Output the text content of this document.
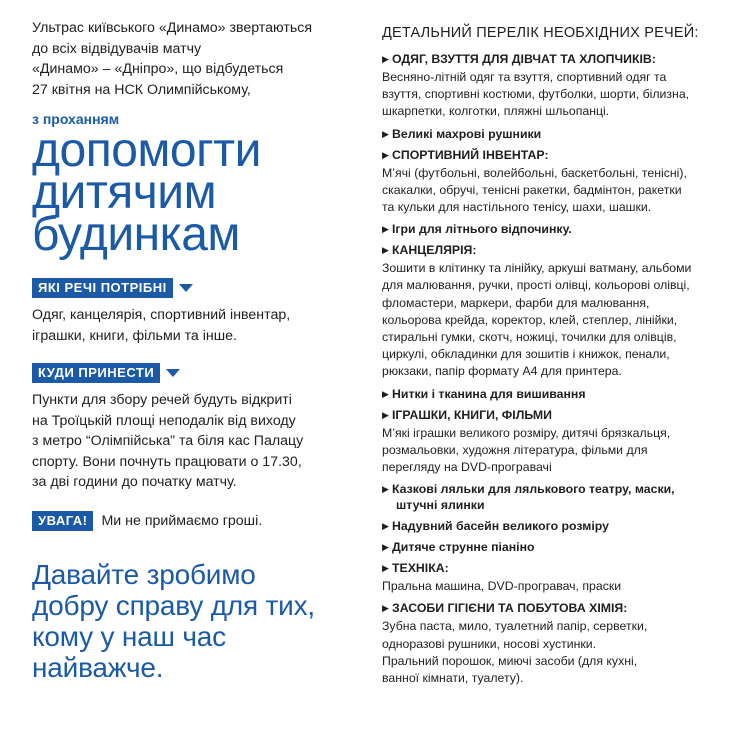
Ультрас київського «Динамо» звертаються
до всіх відвідувачів матчу
«Динамо» – «Дніпро», що відбудеться
27 квітня на НСК Олимпійському,
з проханням
допомогти
дитячим
будинкам
ЯКІ РЕЧІ ПОТРІБНІ
Одяг, канцелярія, спортивний інвентар,
іграшки, книги, фільми та інше.
КУДИ ПРИНЕСТИ
Пункти для збору речей будуть відкриті
на Троїцькій площі неподалік від виходу
з метро “Олімпійська” та біля кас Палацу
спорту. Вони почнуть працювати о 17.30,
за дві години до початку матчу.
УВАГА! Ми не приймаємо гроші.
Давайте зробимо
добру справу для тих,
кому у наш час
найважче.
ДЕТАЛЬНИЙ ПЕРЕЛІК НЕОБХІДНИХ РЕЧЕЙ:
▶ ОДЯГ, ВЗУТТЯ ДЛЯ ДІВЧАТ ТА ХЛОПЧИКІВ:
Весняно-літній одяг та взуття, спортивний одяг та
взуття, спортивні костюми, футболки, шорти, білизна,
шкарпетки, колготки, пляжні шльопанці.
▶ Великі махрові рушники
▶ СПОРТИВНИЙ ІНВЕНТАР:
М’ячі (футбольні, волейбольні, баскетбольні, тенісні),
скакалки, обручі, тенісні ракетки, бадмінтон, ракетки
та кульки для настільного тенісу, шахи, шашки.
▶ Ігри для літнього відпочинку.
▶ КАНЦЕЛЯРІЯ:
Зошити в клітинку та лінійку, аркуші ватману, альбоми
для малювання, ручки, прості олівці, кольорові олівці,
фломастери, маркери, фарби для малювання,
кольорова крейда, коректор, клей, степлер, лінійки,
стиральні гумки, скотч, ножиці, точилки для олівців,
циркулі, обкладинки для зошитів і книжок, пенали,
рюкзаки, папір формату А4 для принтера.
▶ Нитки і тканина для вишивання
▶ ІГРАШКИ, КНИГИ, ФІЛЬМИ
М’які іграшки великого розміру, дитячі брязкальця,
розмальовки, художня література, фільми для
перегляду на DVD-програвачі
▶ Казкові ляльки для лялькового театру, маски,
штучні ялинки
▶ Надувний басейн великого розміру
▶ Дитяче струнне піаніно
▶ ТЕХНІКА:
Пральна машина, DVD-програвач, праски
▶ ЗАСОБИ ГІГІЄНИ ТА ПОБУТОВА ХІМІЯ:
Зубна паста, мило, туалетний папір, серветки,
одноразові рушники, носові хустинки.
Пральний порошок, миючі засоби (для кухні,
ванної кімнати, туалету).
